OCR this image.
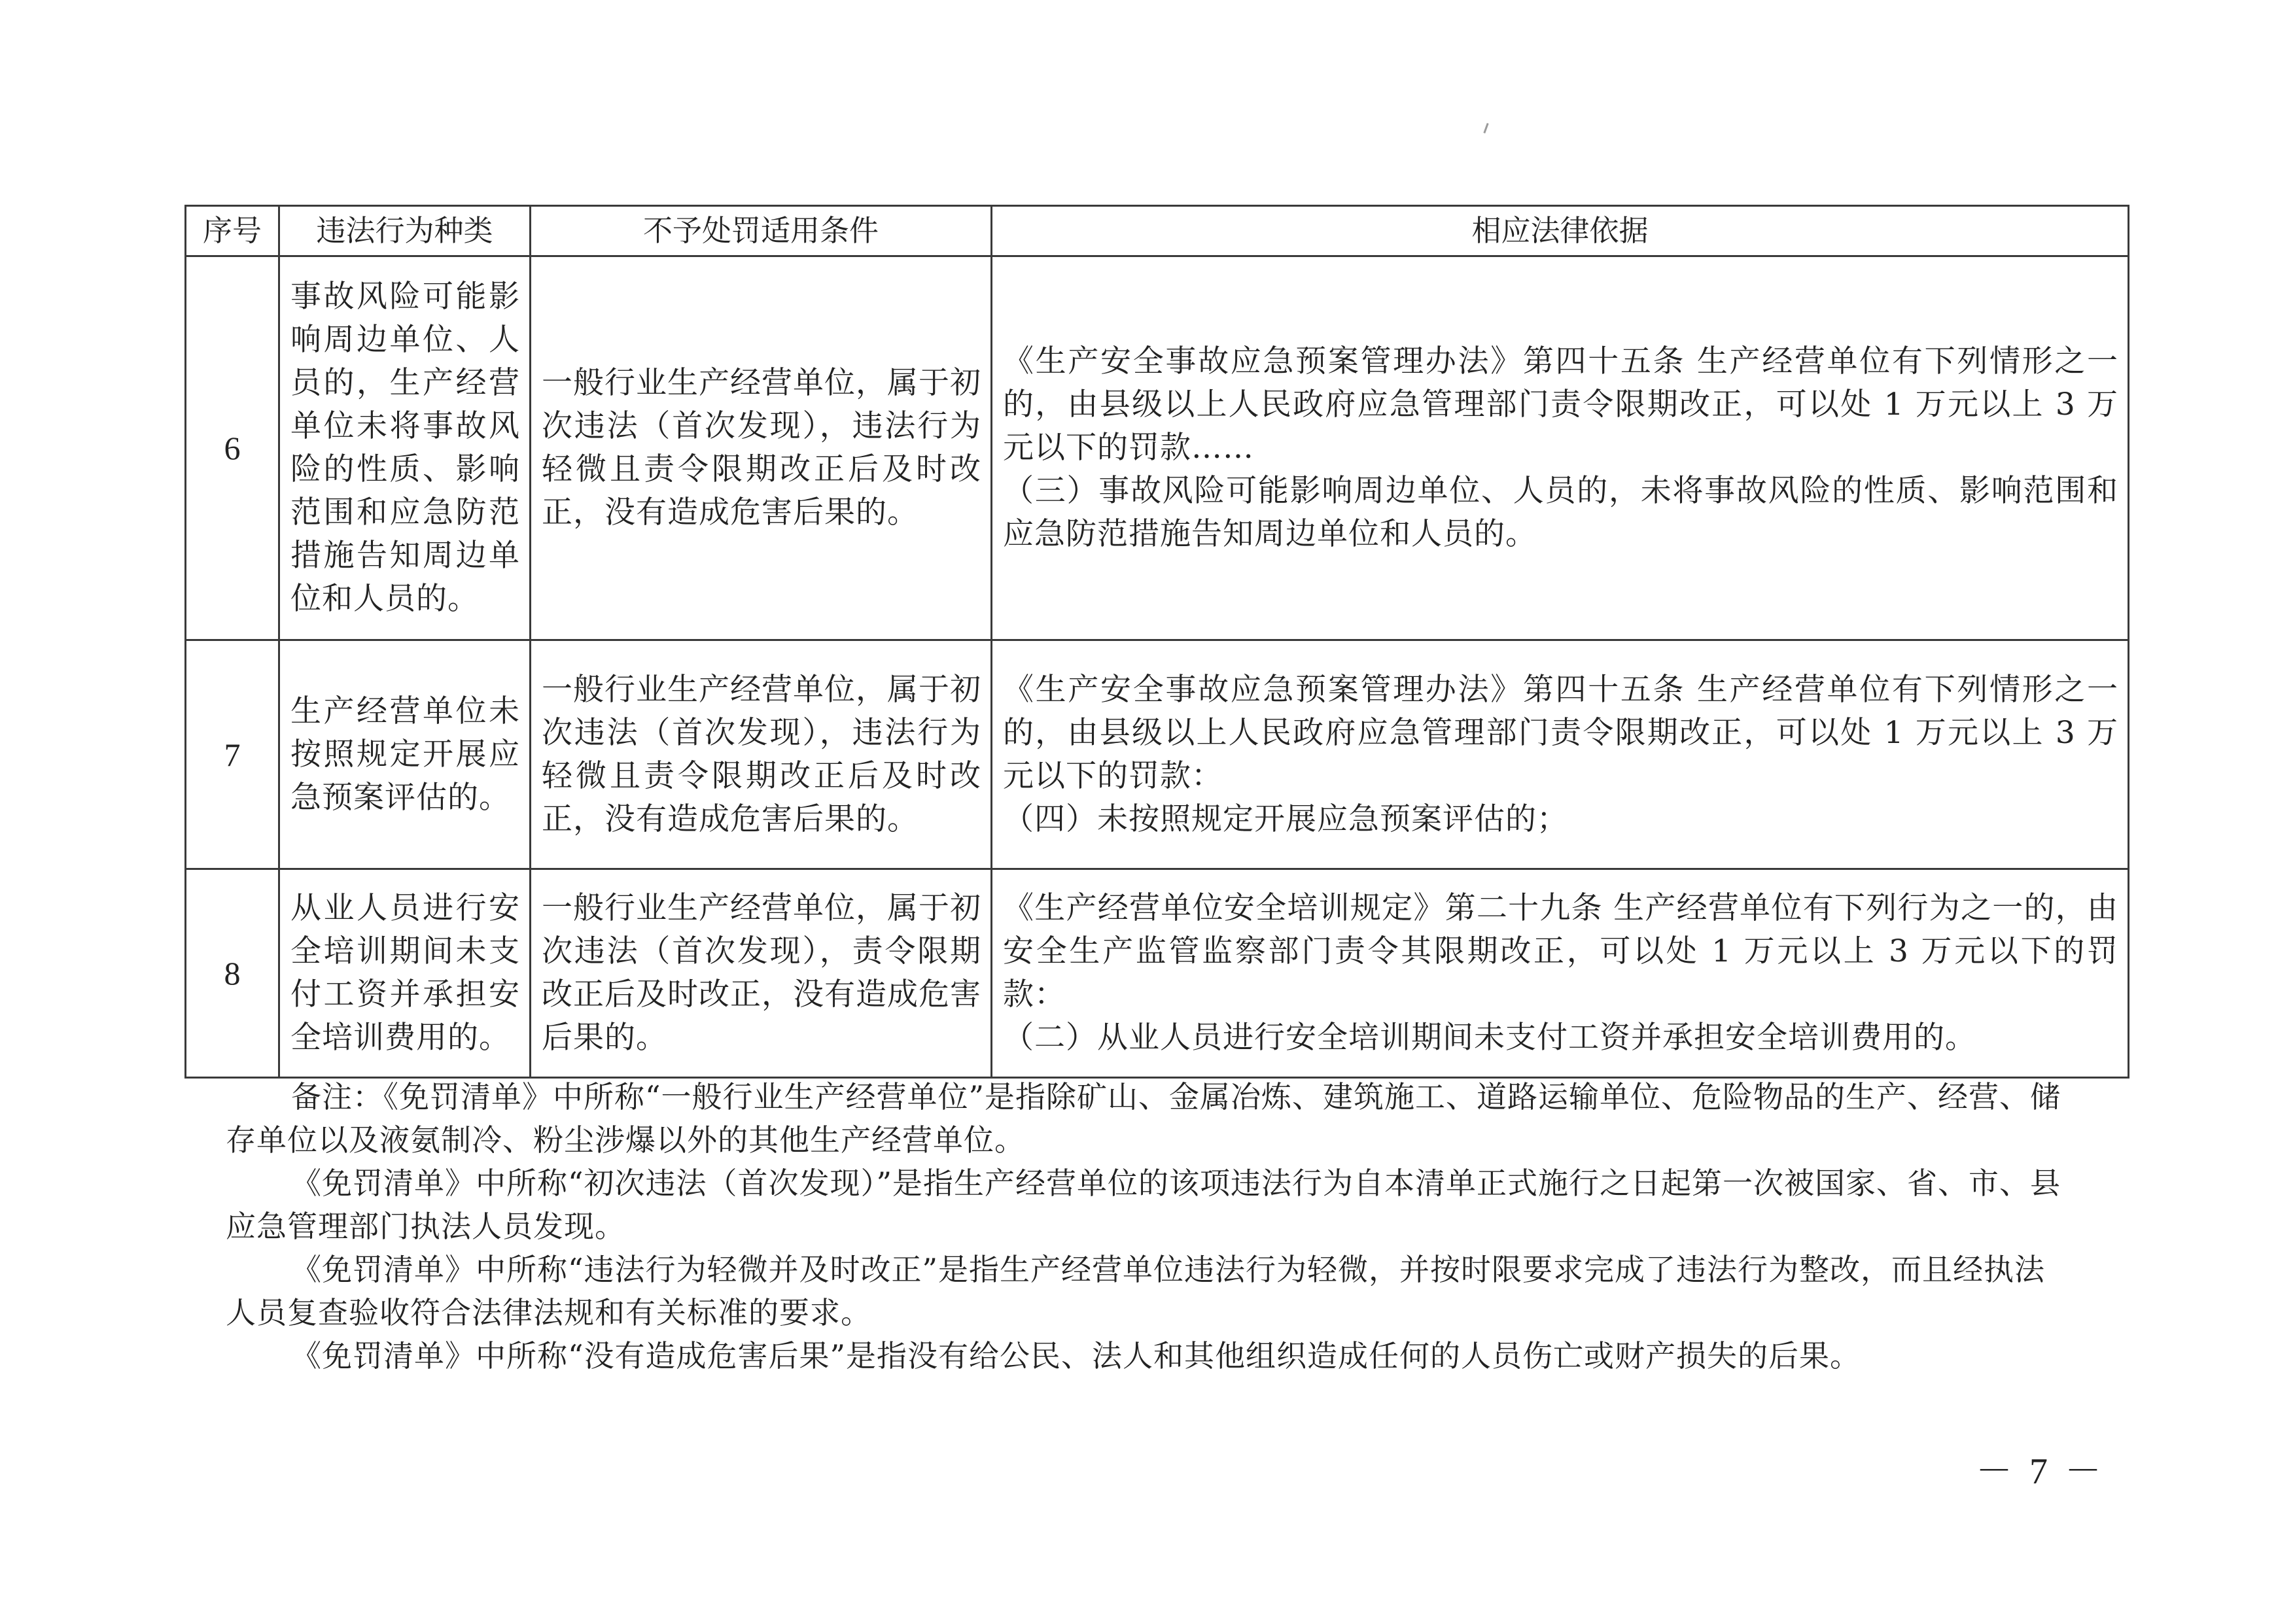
序号	违法行为种类	不予处罚适用条件	相应法律依据
6	事故风险可能影响周边单位、人员的，生产经营单位未将事故风险的性质、影响范围和应急防范措施告知周边单位和人员的。	一般行业生产经营单位，属于初次违法（首次发现），违法行为轻微且责令限期改正后及时改正，没有造成危害后果的。	《生产安全事故应急预案管理办法》第四十五条 生产经营单位有下列情形之一的，由县级以上人民政府应急管理部门责令限期改正，可以处 1 万元以上 3 万元以下的罚款……

（三）事故风险可能影响周边单位、人员的，未将事故风险的性质、影响范围和应急防范措施告知周边单位和人员的。

7	生产经营单位未按照规定开展应急预案评估的。	一般行业生产经营单位，属于初次违法（首次发现），违法行为轻微且责令限期改正后及时改正，没有造成危害后果的。	《生产安全事故应急预案管理办法》第四十五条 生产经营单位有下列情形之一的，由县级以上人民政府应急管理部门责令限期改正，可以处 1 万元以上 3 万元以下的罚款：

（四）未按照规定开展应急预案评估的；

8	从业人员进行安全培训期间未支付工资并承担安全培训费用的。	一般行业生产经营单位，属于初次违法（首次发现），责令限期改正后及时改正，没有造成危害后果的。	《生产经营单位安全培训规定》第二十九条 生产经营单位有下列行为之一的，由安全生产监管监察部门责令其限期改正，可以处 1 万元以上 3 万元以下的罚款：

（二）从业人员进行安全培训期间未支付工资并承担安全培训费用的。

备注：《免罚清单》中所称“一般行业生产经营单位”是指除矿山、金属冶炼、建筑施工、道路运输单位、危险物品的生产、经营、储存单位以及液氨制冷、粉尘涉爆以外的其他生产经营单位。

《免罚清单》中所称“初次违法（首次发现）”是指生产经营单位的该项违法行为自本清单正式施行之日起第一次被国家、省、市、县应急管理部门执法人员发现。

《免罚清单》中所称“违法行为轻微并及时改正”是指生产经营单位违法行为轻微，并按时限要求完成了违法行为整改，而且经执法人员复查验收符合法律法规和有关标准的要求。

《免罚清单》中所称“没有造成危害后果”是指没有给公民、法人和其他组织造成任何的人员伤亡或财产损失的后果。

－ 7 －
